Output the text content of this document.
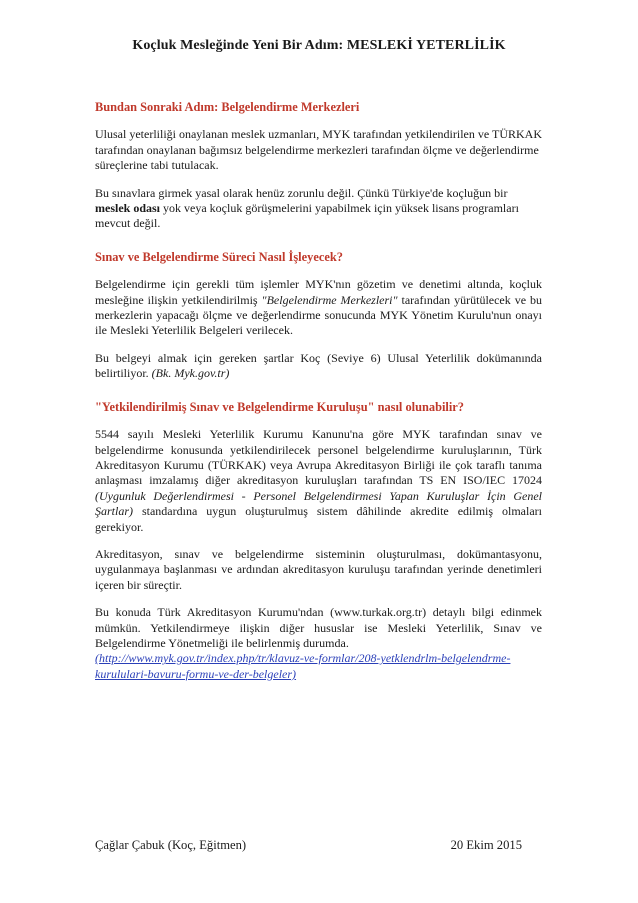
Koçluk Mesleğinde Yeni Bir Adım: MESLEKİ YETERLİLİK
Bundan Sonraki Adım: Belgelendirme Merkezleri

Ulusal yeterliliği onaylanan meslek uzmanları, MYK tarafından yetkilendirilen ve TÜRKAK tarafından onaylanan bağımsız belgelendirme merkezleri tarafından ölçme ve değerlendirme süreçlerine tabi tutulacak.

Bu sınavlara girmek yasal olarak henüz zorunlu değil. Çünkü Türkiye'de koçluğun bir meslek odası yok veya koçluk görüşmelerini yapabilmek için yüksek lisans programları mevcut değil.

Sınav ve Belgelendirme Süreci Nasıl İşleyecek?

Belgelendirme için gerekli tüm işlemler MYK'nın gözetim ve denetimi altında, koçluk mesleğine ilişkin yetkilendirilmiş "Belgelendirme Merkezleri" tarafından yürütülecek ve bu merkezlerin yapacağı ölçme ve değerlendirme sonucunda MYK Yönetim Kurulu'nun onayı ile Mesleki Yeterlilik Belgeleri verilecek.

Bu belgeyi almak için gereken şartlar Koç (Seviye 6) Ulusal Yeterlilik dokümanında belirtiliyor. (Bk. Myk.gov.tr)

"Yetkilendirilmiş Sınav ve Belgelendirme Kuruluşu" nasıl olunabilir?

5544 sayılı Mesleki Yeterlilik Kurumu Kanunu'na göre MYK tarafından sınav ve belgelendirme konusunda yetkilendirilecek personel belgelendirme kuruluşlarının, Türk Akreditasyon Kurumu (TÜRKAK) veya Avrupa Akreditasyon Birliği ile çok taraflı tanıma anlaşması imzalamış diğer akreditasyon kuruluşları tarafından TS EN ISO/IEC 17024 (Uygunluk Değerlendirmesi - Personel Belgelendirmesi Yapan Kuruluşlar İçin Genel Şartlar) standardına uygun oluşturulmuş sistem dâhilinde akredite edilmiş olmaları gerekiyor.

Akreditasyon, sınav ve belgelendirme sisteminin oluşturulması, dokümantasyonu, uygulanmaya başlanması ve ardından akreditasyon kuruluşu tarafından yerinde denetimleri içeren bir süreçtir.

Bu konuda Türk Akreditasyon Kurumu'ndan (www.turkak.org.tr) detaylı bilgi edinmek mümkün. Yetkilendirmeye ilişkin diğer hususlar ise Mesleki Yeterlilik, Sınav ve Belgelendirme Yönetmeliği ile belirlenmiş durumda.

(http://www.myk.gov.tr/index.php/tr/klavuz-ve-formlar/208-yetklendrlm-belgelendrme-kurululari-bavuru-formu-ve-der-belgeler)
Çağlar Çabuk (Koç, Eğitmen)	20 Ekim 2015
